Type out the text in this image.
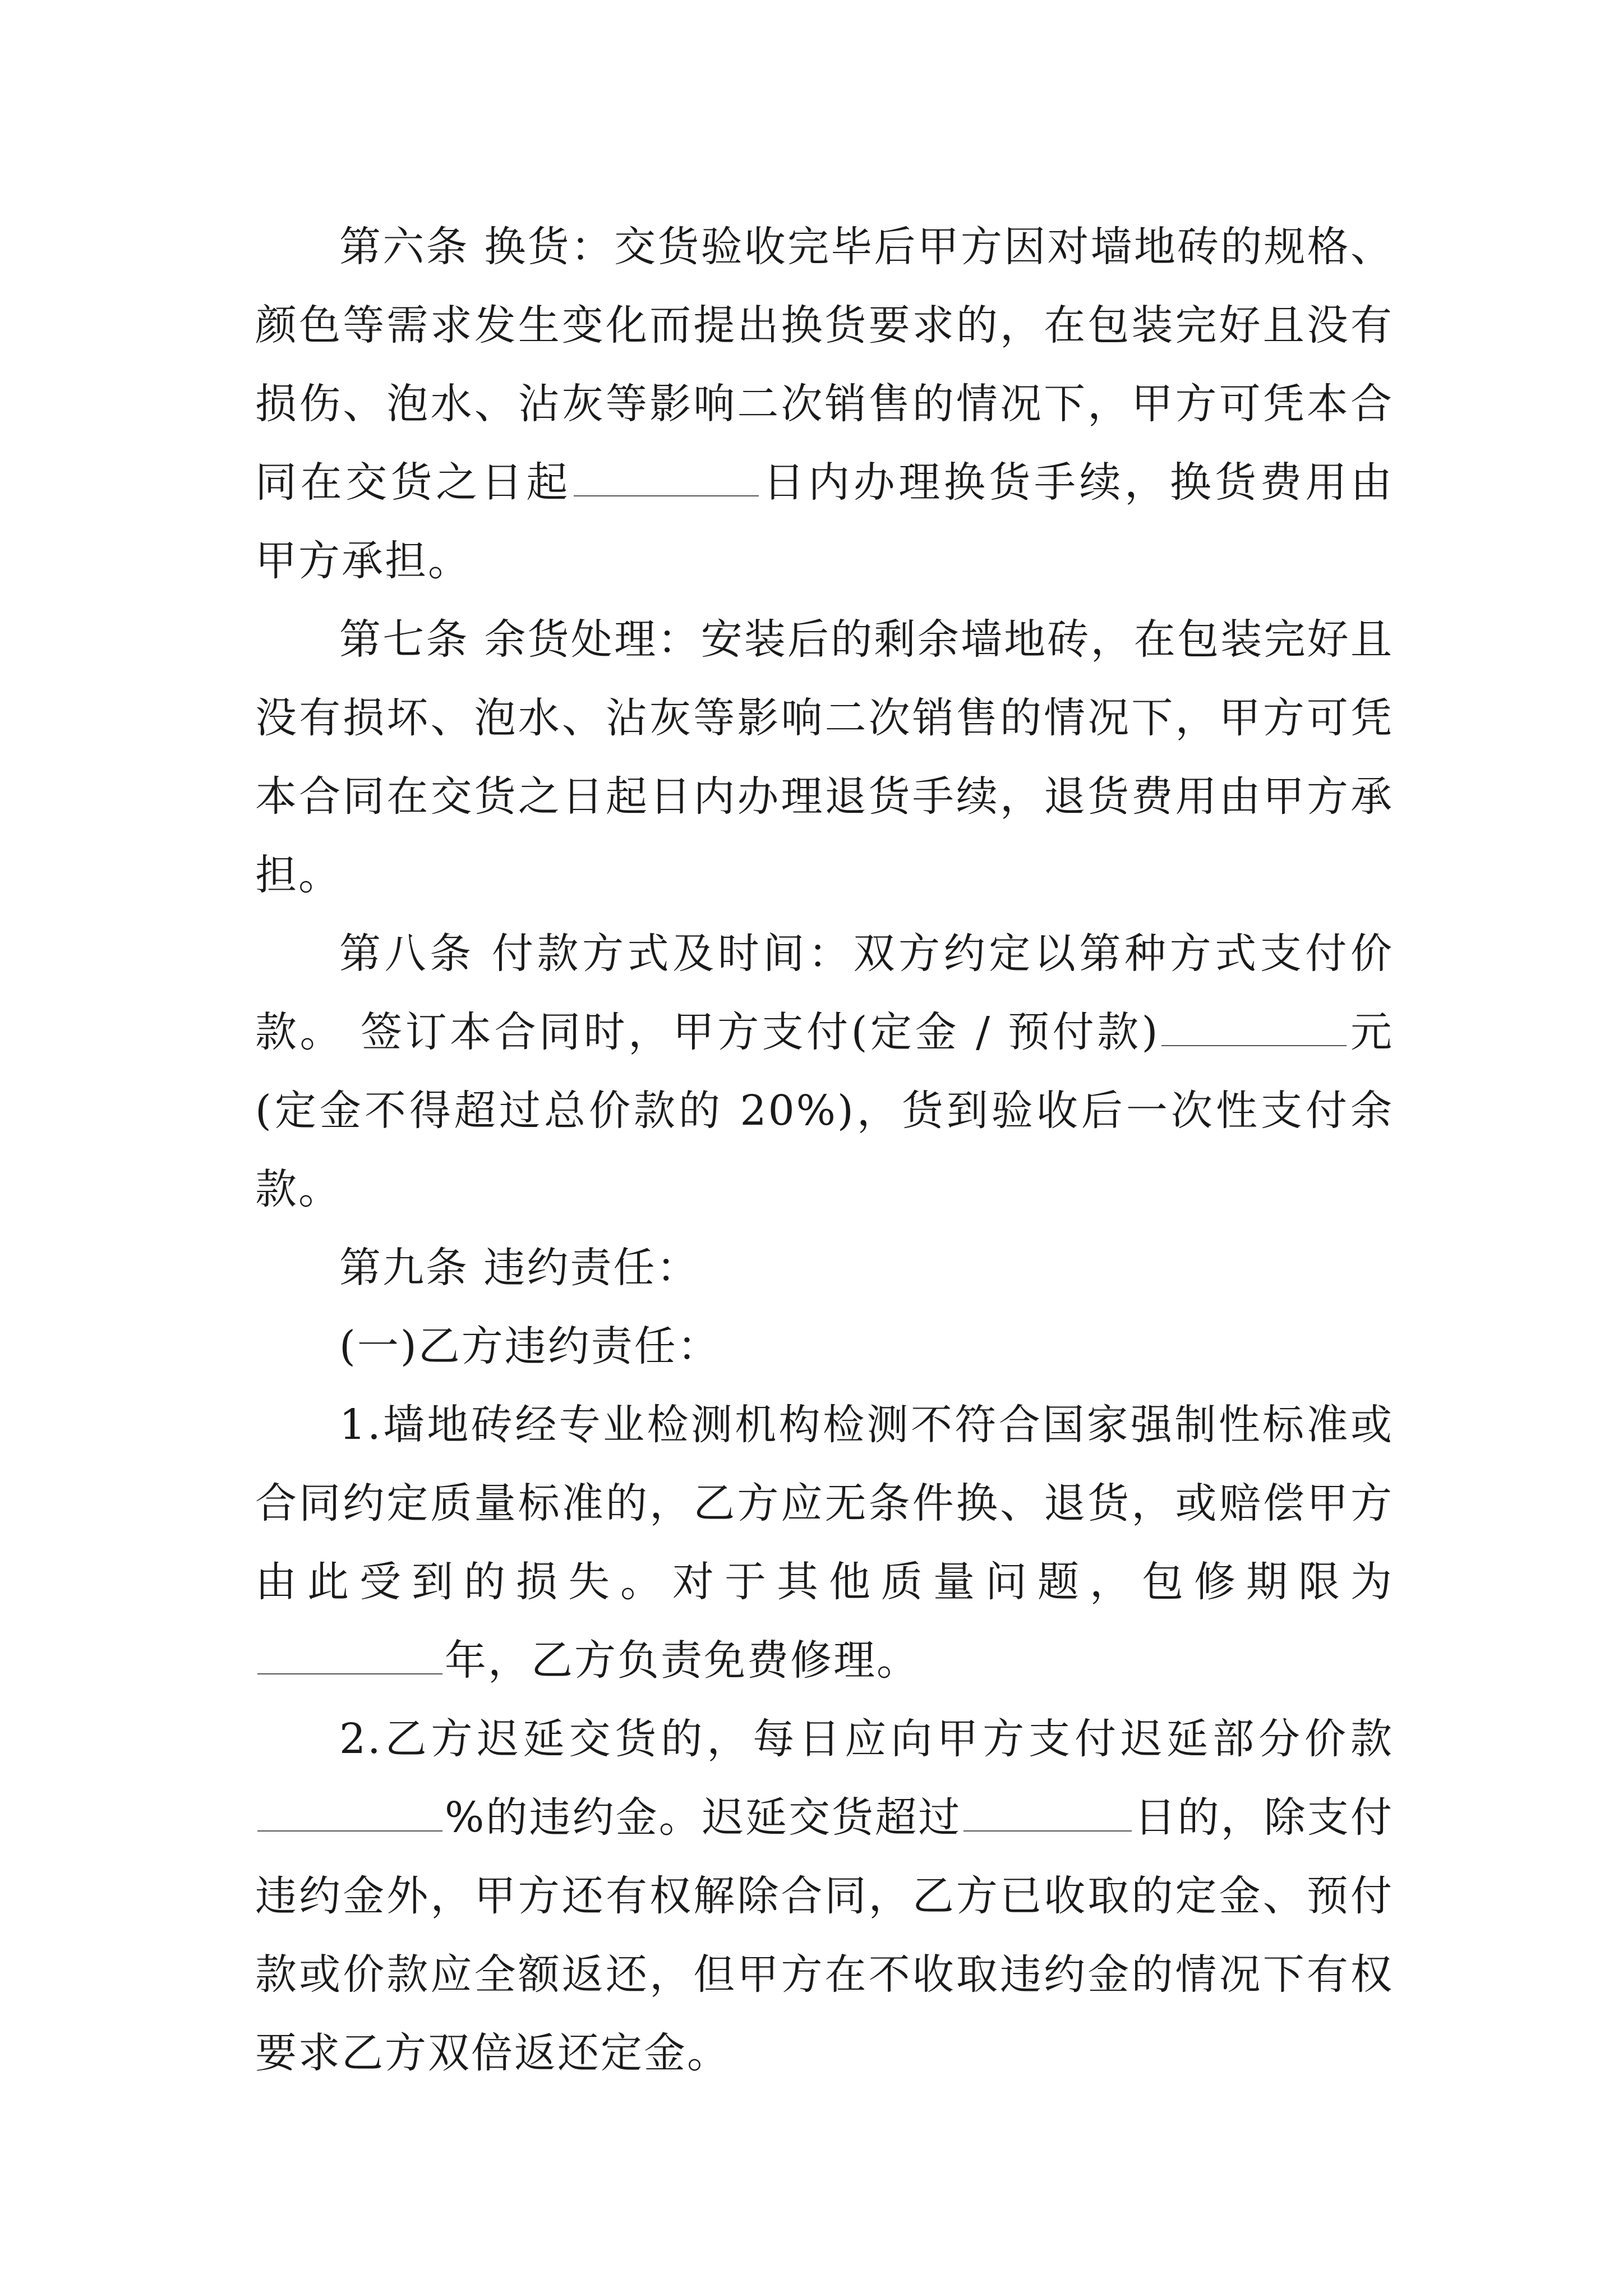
第六条 换货：交货验收完毕后甲方因对墙地砖的规格、颜色等需求发生变化而提出换货要求的，在包装完好且没有损伤、泡水、沾灰等影响二次销售的情况下，甲方可凭本合同在交货之日起	日内办理换货手续，换货费用由甲方承担。

第七条 余货处理：安装后的剩余墙地砖，在包装完好且没有损坏、泡水、沾灰等影响二次销售的情况下，甲方可凭本合同在交货之日起日内办理退货手续，退货费用由甲方承担。

第八条 付款方式及时间：双方约定以第种方式支付价款。 签订本合同时，甲方支付(定金 / 预付款)	元(定金不得超过总价款的 20%)，货到验收后一次性支付余款。

第九条 违约责任：

(一)乙方违约责任：

1.墙地砖经专业检测机构检测不符合国家强制性标准或合同约定质量标准的，乙方应无条件换、退货，或赔偿甲方由此受到的损失。对于其他质量问题，包修期限为年，乙方负责免费修理。

2.乙方迟延交货的，每日应向甲方支付迟延部分价款%的违约金。迟延交货超过	日的，除支付违约金外，甲方还有权解除合同，乙方已收取的定金、预付款或价款应全额返还，但甲方在不收取违约金的情况下有权要求乙方双倍返还定金。
